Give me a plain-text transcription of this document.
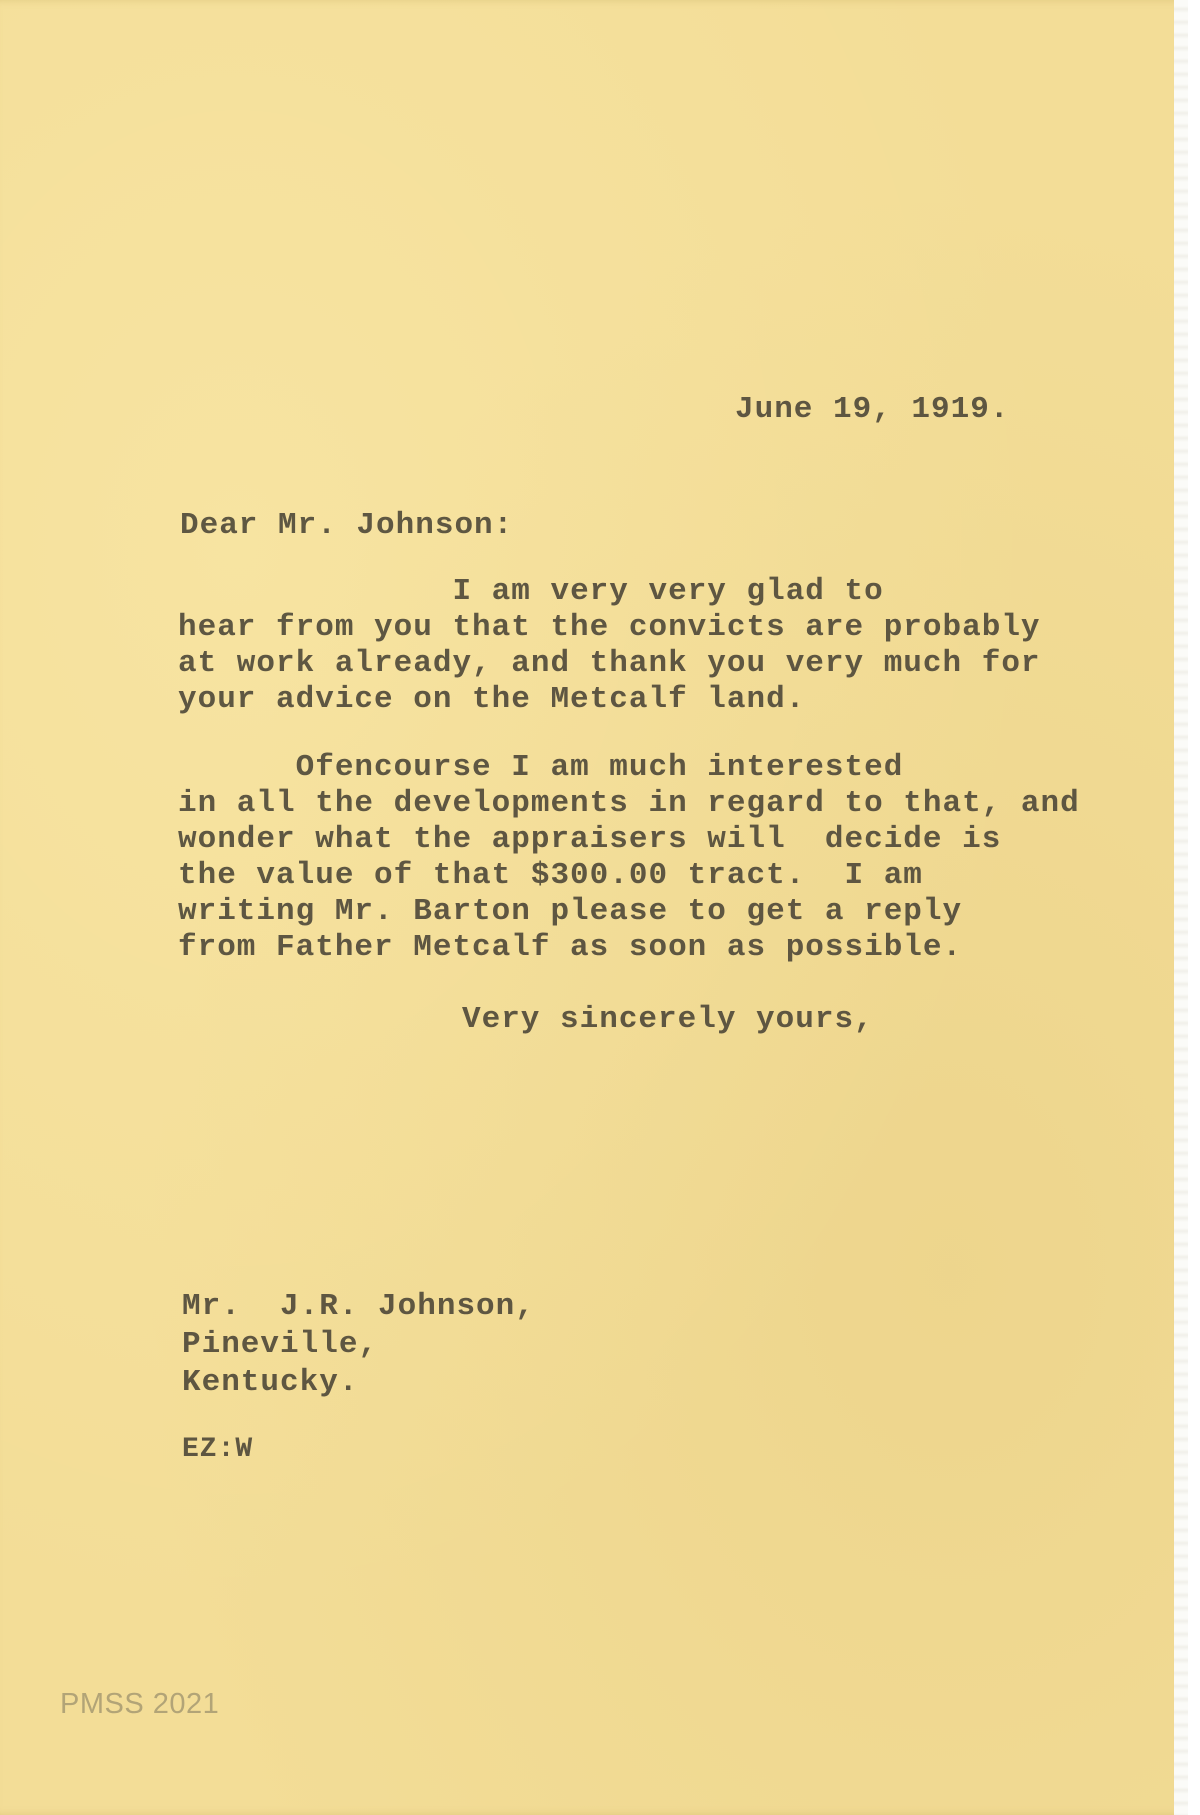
June 19, 1919.
Dear Mr. Johnson:
I am very very glad to
hear from you that the convicts are probably
at work already, and thank you very much for
your advice on the Metcalf land.
Ofencourse I am much interested
in all the developments in regard to that, and
wonder what the appraisers will  decide is
the value of that $300.00 tract.  I am
writing Mr. Barton please to get a reply
from Father Metcalf as soon as possible.
Very sincerely yours,
Mr.  J.R. Johnson,
Pineville,
Kentucky.
EZ:W
PMSS 2021
